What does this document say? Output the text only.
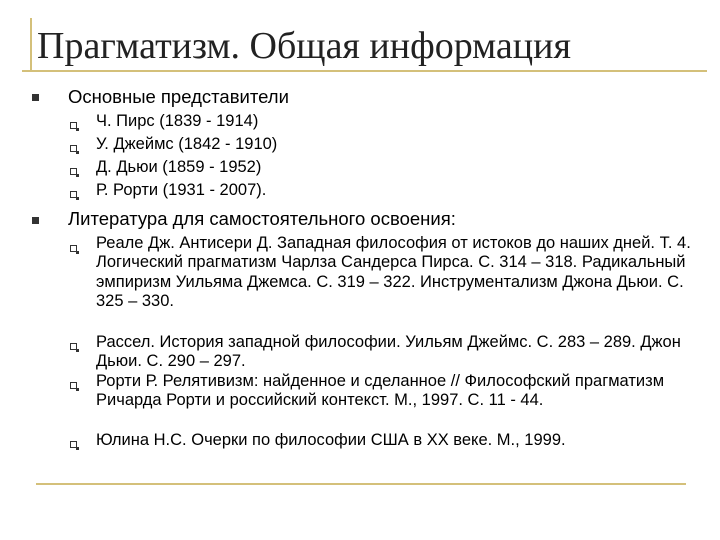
Прагматизм. Общая информация
Основные представители
Ч. Пирс (1839 - 1914)
У. Джеймс (1842 - 1910)
Д. Дьюи (1859 - 1952)
Р. Рорти (1931 - 2007).
Литература для самостоятельного освоения:
Реале Дж. Антисери Д. Западная философия от истоков до наших дней. Т. 4. Логический прагматизм Чарлза Сандерса Пирса. С. 314 – 318. Радикальный эмпиризм Уильяма Джемса. С. 319 – 322. Инструментализм Джона Дьюи. С. 325 – 330.
Рассел. История западной философии. Уильям Джеймс. С. 283 – 289. Джон Дьюи. С. 290 – 297.
Рорти Р. Релятивизм: найденное и сделанное // Философский прагматизм Ричарда Рорти и российский контекст. М., 1997. С. 11 - 44.
Юлина Н.С. Очерки по философии США в XX веке. М., 1999.
